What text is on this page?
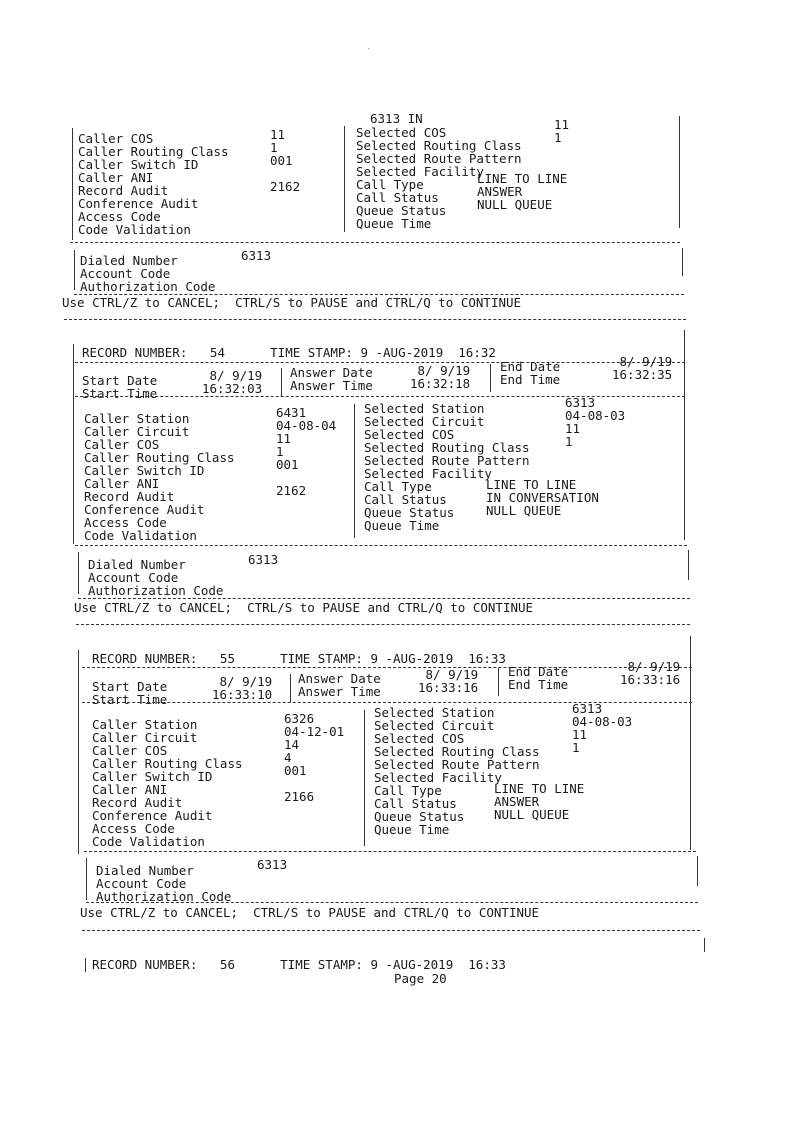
6313 IN
Caller COS
Caller Routing Class
Caller Switch ID
Caller ANI
Record Audit
Conference Audit
Access Code
Code Validation
11
1
001

2162
Selected COS
Selected Routing Class
Selected Route Pattern
Selected Facility
Call Type
Call Status
Queue Status
Queue Time
11
1
LINE TO LINE
ANSWER
NULL QUEUE
Dialed Number
Account Code
Authorization Code
6313
Use CTRL/Z to CANCEL;  CTRL/S to PAUSE and CTRL/Q to CONTINUE
RECORD NUMBER:   54      TIME STAMP: 9 -AUG-2019  16:32
Start Date
Start Time
8/ 9/19
16:32:03
Answer Date
Answer Time
8/ 9/19
16:32:18
End Date
End Time
8/ 9/19
16:32:35
Caller Station
Caller Circuit
Caller COS
Caller Routing Class
Caller Switch ID
Caller ANI
Record Audit
Conference Audit
Access Code
Code Validation
6431
04-08-04
11
1
001

2162
Selected Station
Selected Circuit
Selected COS
Selected Routing Class
Selected Route Pattern
Selected Facility
Call Type
Call Status
Queue Status
Queue Time
6313
04-08-03
11
1
LINE TO LINE
IN CONVERSATION
NULL QUEUE
Dialed Number
Account Code
Authorization Code
6313
Use CTRL/Z to CANCEL;  CTRL/S to PAUSE and CTRL/Q to CONTINUE
RECORD NUMBER:   55      TIME STAMP: 9 -AUG-2019  16:33
Start Date
Start Time
8/ 9/19
16:33:10
Answer Date
Answer Time
8/ 9/19
16:33:16
End Date
End Time
8/ 9/19
16:33:16
Caller Station
Caller Circuit
Caller COS
Caller Routing Class
Caller Switch ID
Caller ANI
Record Audit
Conference Audit
Access Code
Code Validation
6326
04-12-01
14
4
001

2166
Selected Station
Selected Circuit
Selected COS
Selected Routing Class
Selected Route Pattern
Selected Facility
Call Type
Call Status
Queue Status
Queue Time
6313
04-08-03
11
1
LINE TO LINE
ANSWER
NULL QUEUE
Dialed Number
Account Code
Authorization Code
6313
Use CTRL/Z to CANCEL;  CTRL/S to PAUSE and CTRL/Q to CONTINUE
RECORD NUMBER:   56      TIME STAMP: 9 -AUG-2019  16:33
Page 20
